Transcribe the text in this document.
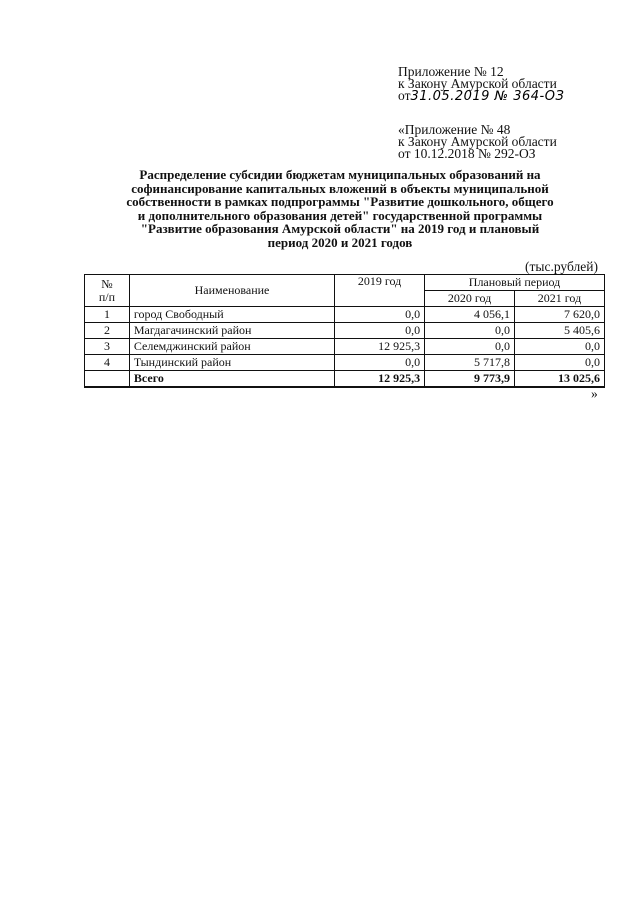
Приложение № 12
к Закону Амурской области
от31.05.2019 № 364-ОЗ
«Приложение № 48
к Закону Амурской области
от 10.12.2018 № 292-ОЗ
Распределение субсидии бюджетам муниципальных образований на
софинансирование капитальных вложений в объекты муниципальной
собственности в рамках подпрограммы "Развитие дошкольного, общего
и дополнительного образования детей" государственной программы
"Развитие образования Амурской области" на 2019 год и плановый
период 2020 и 2021 годов
(тыс.рублей)
№
п/п	Наименование	2019 год	Плановый период	
			2020 год	2021 год
1	город Свободный	0,0	4 056,1	7 620,0
2	Магдагачинский район	0,0	0,0	5 405,6
3	Селемджинский район	12 925,3	0,0	0,0
4	Тындинский район	0,0	5 717,8	0,0
	Всего	12 925,3	9 773,9	13 025,6
»
